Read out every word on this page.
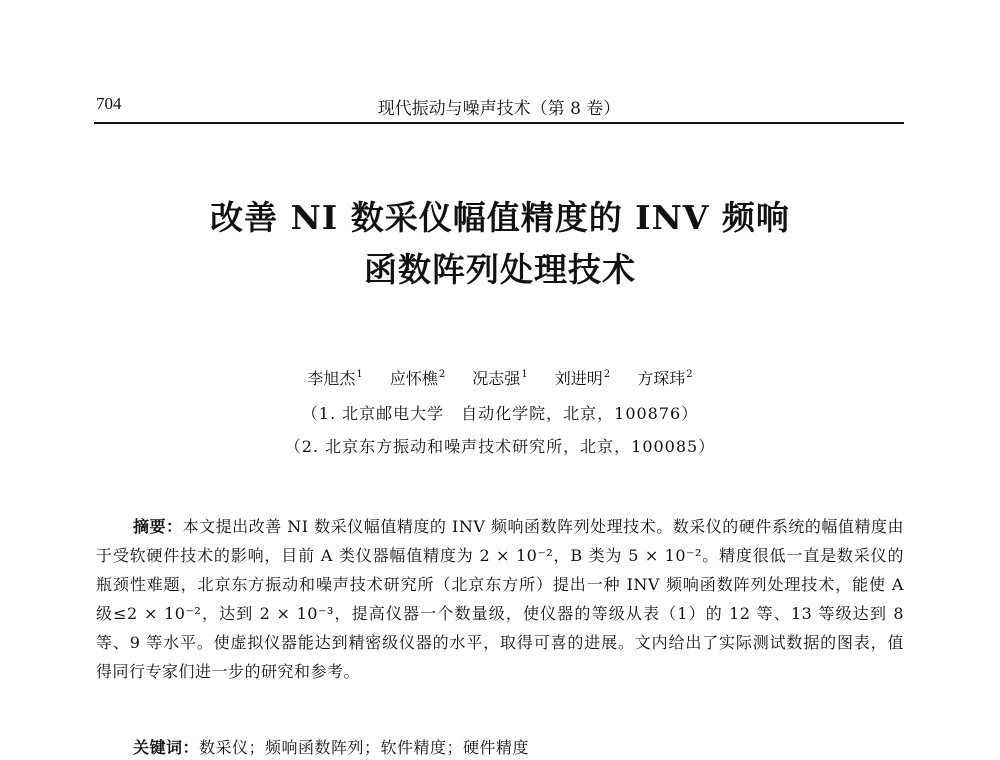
704	现代振动与噪声技术（第 8 卷）
改善 NI 数采仪幅值精度的 INV 频响
函数阵列处理技术
李旭杰$^1$ 应怀樵$^2$ 况志强$^1$ 刘进明$^2$ 方琛玮$^2$
（1. 北京邮电大学　自动化学院，北京，100876）
（2. 北京东方振动和噪声技术研究所，北京，100085）
摘要：本文提出改善 NI 数采仪幅值精度的 INV 频响函数阵列处理技术。数采仪的硬件系统的幅值精度由于受软硬件技术的影响，目前 A 类仪器幅值精度为 2 × 10⁻²，B 类为 5 × 10⁻²。精度很低一直是数采仪的瓶颈性难题，北京东方振动和噪声技术研究所（北京东方所）提出一种 INV 频响函数阵列处理技术，能使 A 级≤2 × 10⁻²，达到 2 × 10⁻³，提高仪器一个数量级，使仪器的等级从表（1）的 12 等、13 等级达到 8 等、9 等水平。使虚拟仪器能达到精密级仪器的水平，取得可喜的进展。文内给出了实际测试数据的图表，值得同行专家们进一步的研究和参考。
关键词：数采仪；频响函数阵列；软件精度；硬件精度
